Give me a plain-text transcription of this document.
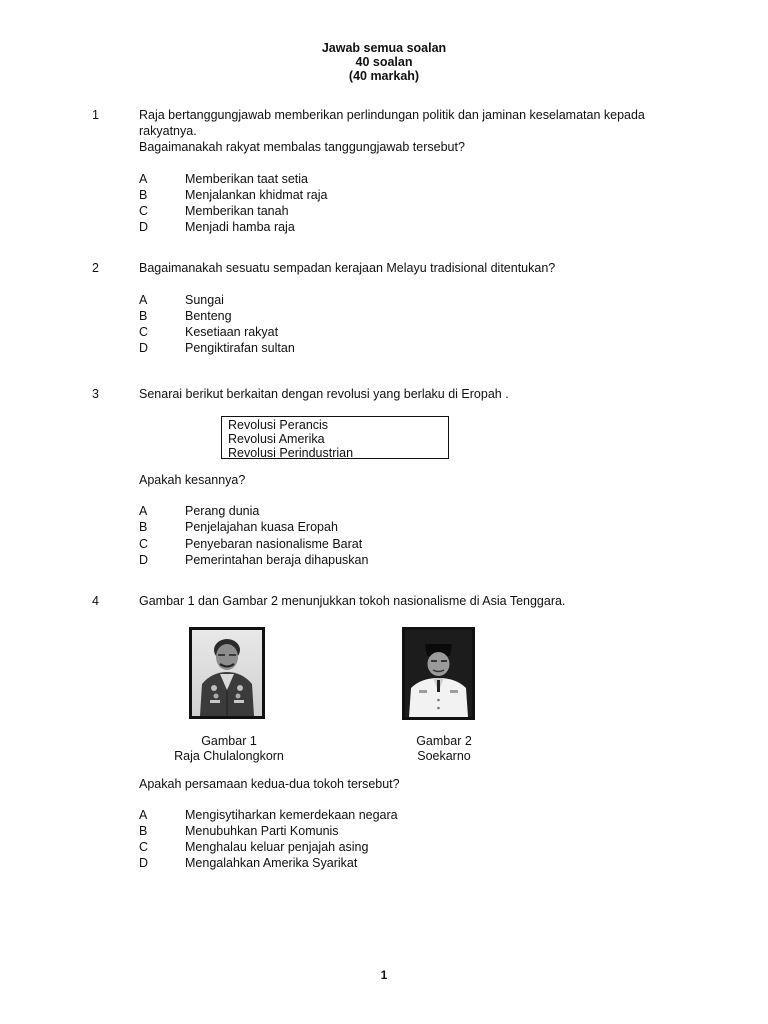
Jawab semua soalan
40 soalan
(40 markah)
1	Raja bertanggungjawab memberikan perlindungan politik dan jaminan keselamatan kepada
rakyatnya.
Bagaimanakah rakyat membalas tanggungjawab tersebut?
A	Memberikan taat setia
B	Menjalankan khidmat raja
C	Memberikan tanah
D	Menjadi hamba raja
2	Bagaimanakah sesuatu sempadan kerajaan Melayu tradisional ditentukan?
A	Sungai
B	Benteng
C	Kesetiaan rakyat
D	Pengiktirafan sultan
3	Senarai berikut berkaitan dengan revolusi yang berlaku di Eropah .
Revolusi Perancis
Revolusi Amerika
Revolusi Perindustrian
Apakah kesannya?
A	Perang dunia
B	Penjelajahan kuasa Eropah
C	Penyebaran nasionalisme Barat
D	Pemerintahan beraja dihapuskan
4	Gambar 1 dan Gambar 2 menunjukkan tokoh nasionalisme di Asia Tenggara.
Gambar 1
Raja Chulalongkorn
Gambar 2
Soekarno
Apakah persamaan kedua-dua tokoh tersebut?
A	Mengisytiharkan kemerdekaan negara
B	Menubuhkan Parti Komunis
C	Menghalau keluar penjajah asing
D	Mengalahkan Amerika Syarikat
1
